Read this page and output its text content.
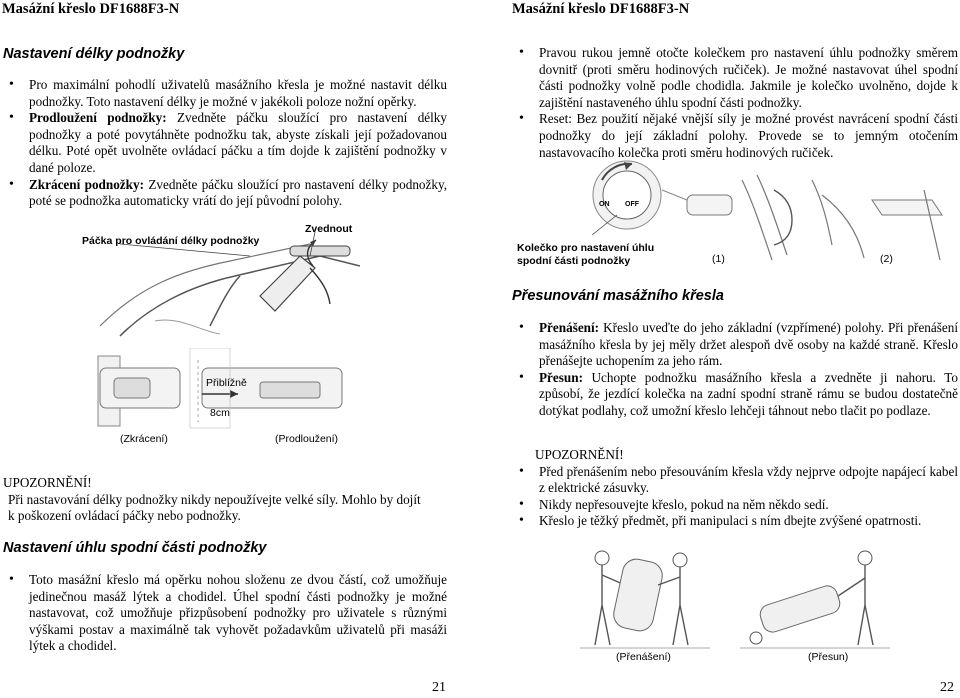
Masážní křeslo DF1688F3-N
Nastavení délky podnožky
• Pro maximální pohodlí uživatelů masážního křesla je možné nastavit délku podnožky. Toto nastavení délky je možné v jakékoli poloze nožní opěrky.
• Prodloužení podnožky: Zvedněte páčku sloužící pro nastavení délky podnožky a poté povytáhněte podnožku tak, abyste získali její požadovanou délku. Poté opět uvolněte ovládací páčku a tím dojde k zajištění podnožky v dané poloze.
• Zkrácení podnožky: Zvedněte páčku sloužící pro nastavení délky podnožky, poté se podnožka automaticky vrátí do její původní polohy.
Páčka pro ovládání délky podnožky
Zvednout
Přiblížně
8cm
(Zkrácení)	(Prodloužení)
UPOZORNĚNÍ!
Při nastavování délky podnožky nikdy nepoužívejte velké síly. Mohlo by dojít
k poškození ovládací páčky nebo podnožky.
Nastavení úhlu spodní části podnožky
• Toto masážní křeslo má opěrku nohou složenu ze dvou částí, což umožňuje jedinečnou masáž lýtek a chodidel. Úhel spodní části podnožky je možné nastavovat, což umožňuje přizpůsobení podnožky pro uživatele s různými výškami postav a maximálně tak vyhovět požadavkům uživatelů při masáži lýtek a chodidel.
21
Masážní křeslo DF1688F3-N
• Pravou rukou jemně otočte kolečkem pro nastavení úhlu podnožky směrem dovnitř (proti směru hodinových ručiček). Je možné nastavovat úhel spodní části podnožky volně podle chodidla. Jakmile je kolečko uvolněno, dojde k zajištění nastaveného úhlu spodní části podnožky.
• Reset: Bez použití nějaké vnější síly je možné provést navrácení spodní části podnožky do její základní polohy. Provede se to jemným otočením nastavovacího kolečka proti směru hodinových ručiček.
ON OFF
Kolečko pro nastavení úhlu
spodní části podnožky	(1)	(2)
Přesunování masážního křesla
• Přenášení: Křeslo uveďte do jeho základní (vzpřímené) polohy. Při přenášení masážního křesla by jej měly držet alespoň dvě osoby na každé straně. Křeslo přenášejte uchopením za jeho rám.
• Přesun: Uchopte podnožku masážního křesla a zvedněte ji nahoru. To způsobí, že jezdící kolečka na zadní spodní straně rámu se budou dostatečně dotýkat podlahy, což umožní křeslo lehčeji táhnout nebo tlačit po podlaze.
UPOZORNĚNÍ!
• Před přenášením nebo přesouváním křesla vždy nejprve odpojte napájecí kabel z elektrické zásuvky.
• Nikdy nepřesouvejte křeslo, pokud na něm někdo sedí.
• Křeslo je těžký předmět, při manipulaci s ním dbejte zvýšené opatrnosti.
(Přenášení)	(Přesun)
22
